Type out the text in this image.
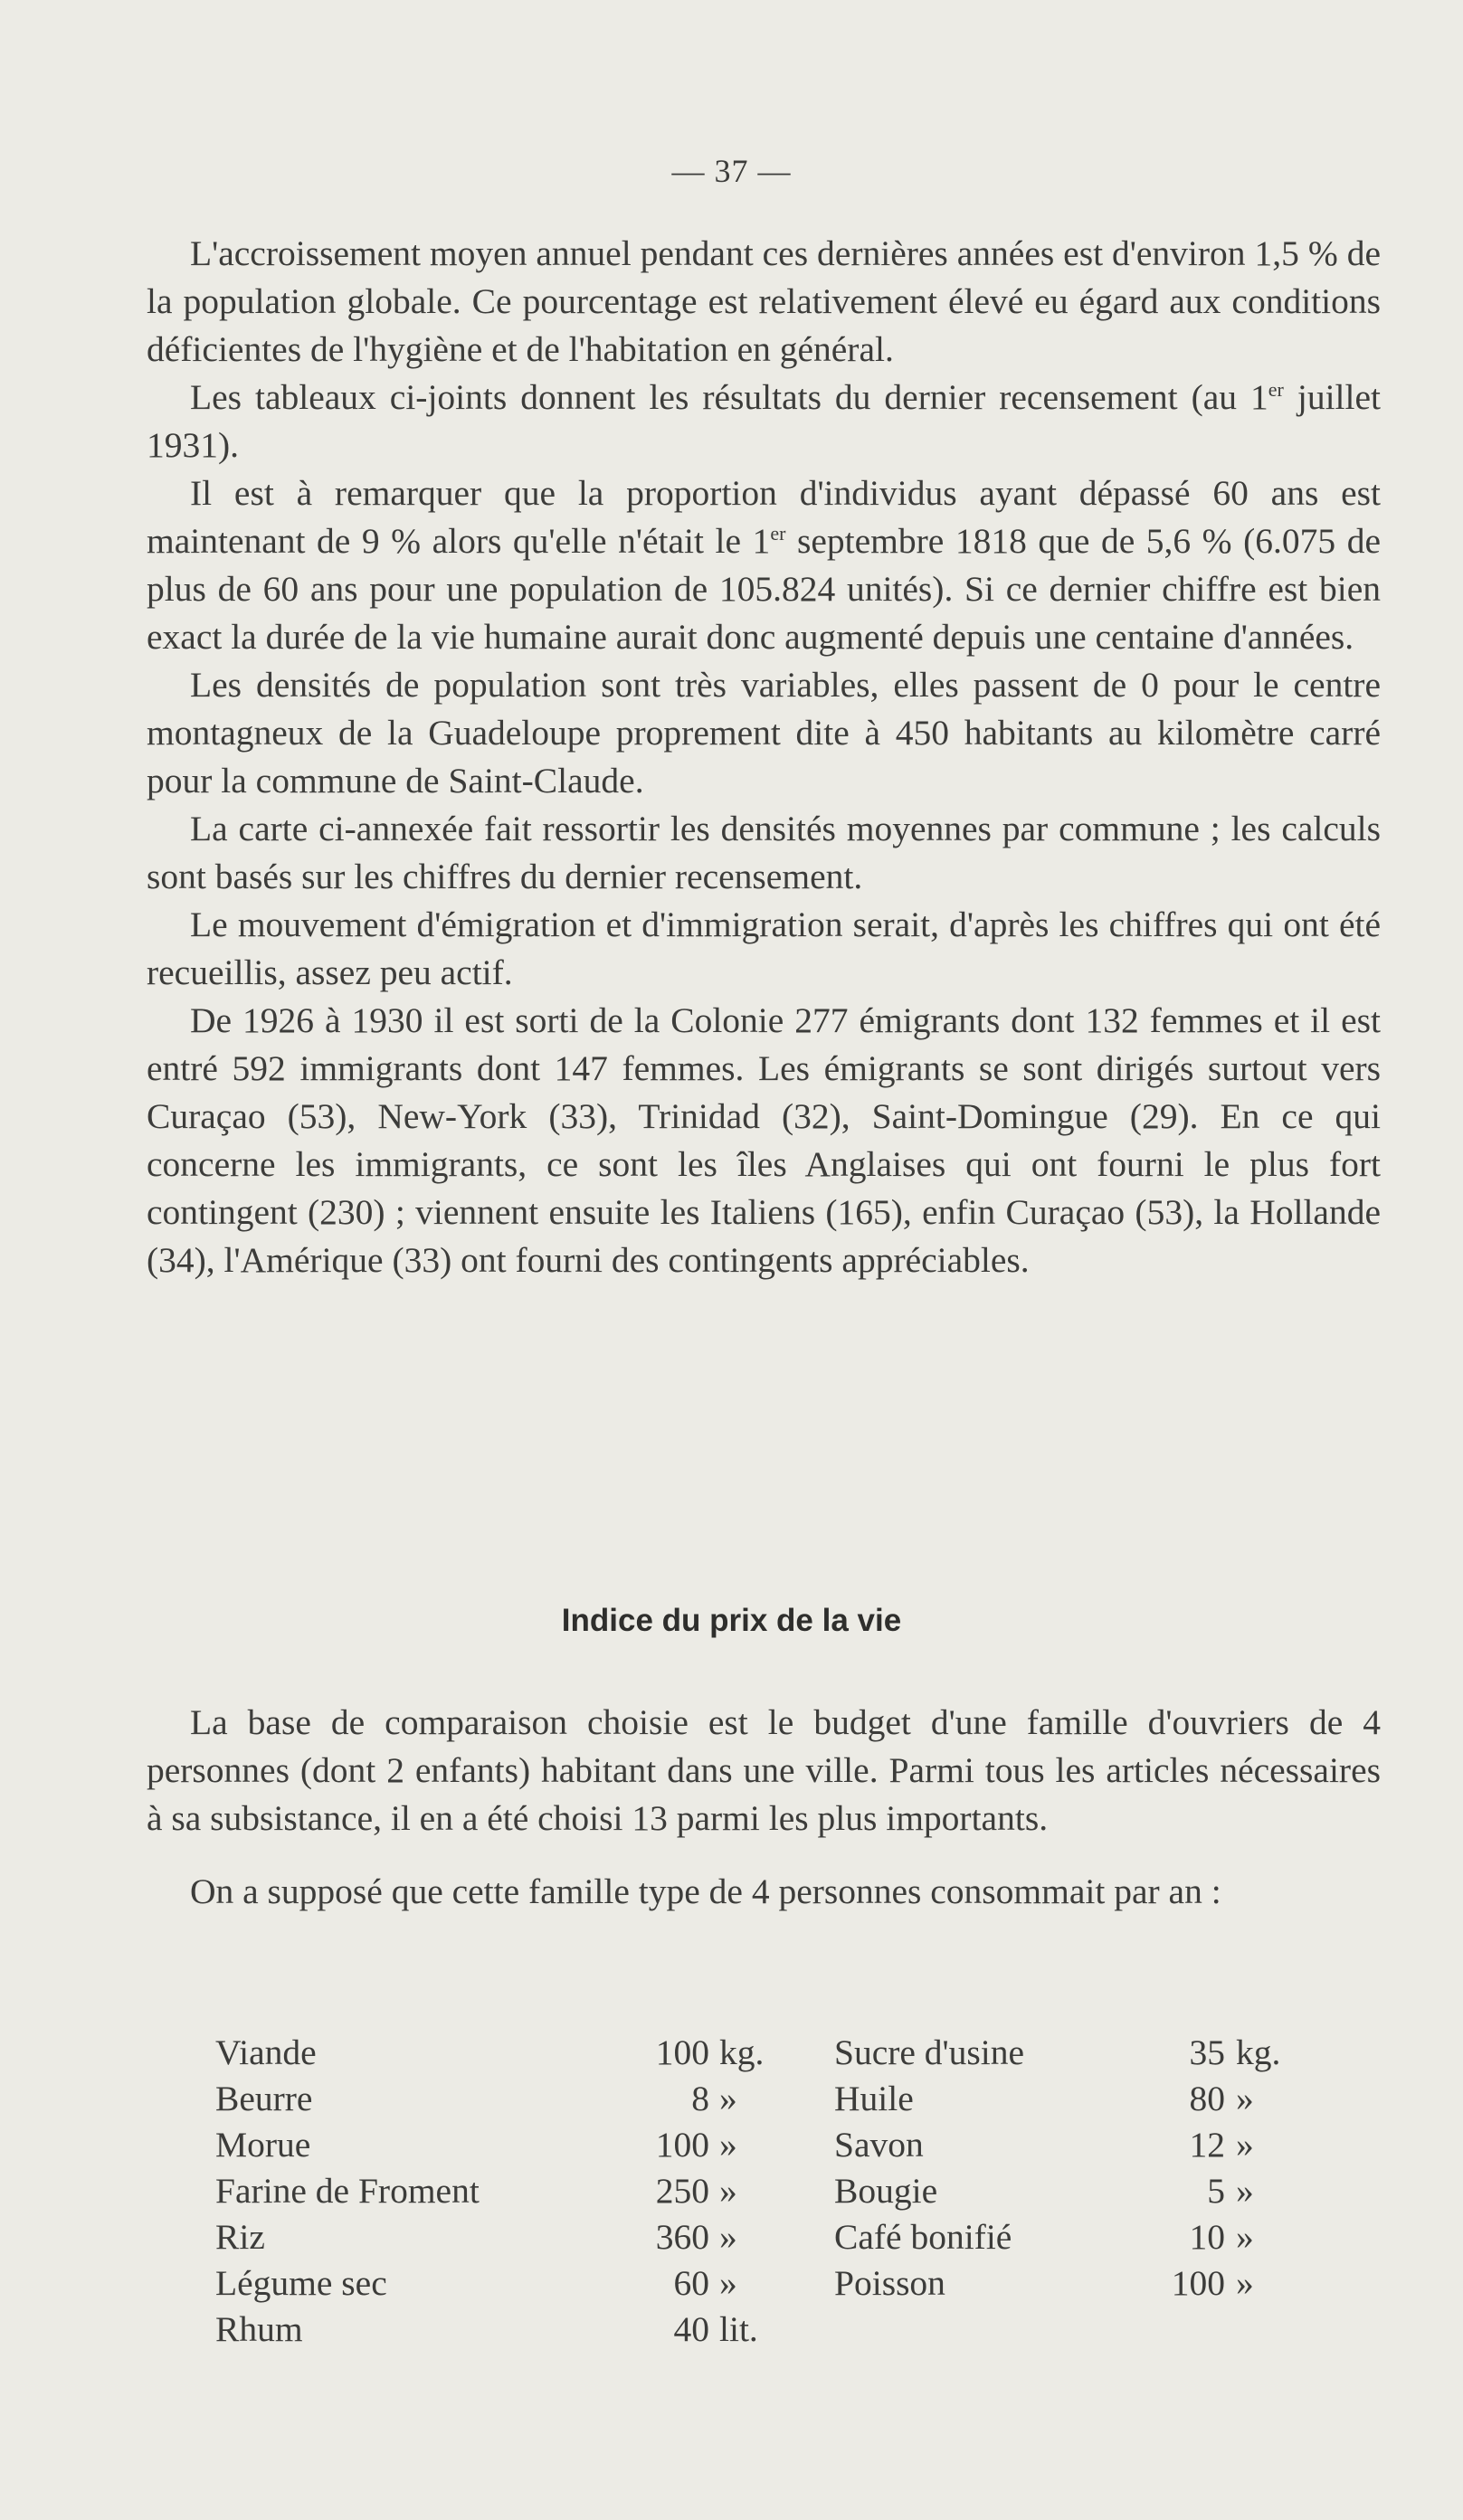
— 37 —

L'accroissement moyen annuel pendant ces dernières années est d'environ 1,5 % de la population globale. Ce pourcentage est relativement élevé eu égard aux conditions déficientes de l'hygiène et de l'habitation en général.

Les tableaux ci-joints donnent les résultats du dernier recensement (au 1er juillet 1931).

Il est à remarquer que la proportion d'individus ayant dépassé 60 ans est maintenant de 9 % alors qu'elle n'était le 1er septembre 1818 que de 5,6 % (6.075 de plus de 60 ans pour une population de 105.824 unités). Si ce dernier chiffre est bien exact la durée de la vie humaine aurait donc augmenté depuis une centaine d'années.

Les densités de population sont très variables, elles passent de 0 pour le centre montagneux de la Guadeloupe proprement dite à 450 habitants au kilomètre carré pour la commune de Saint-Claude.

La carte ci-annexée fait ressortir les densités moyennes par commune ; les calculs sont basés sur les chiffres du dernier recensement.

Le mouvement d'émigration et d'immigration serait, d'après les chiffres qui ont été recueillis, assez peu actif.

De 1926 à 1930 il est sorti de la Colonie 277 émigrants dont 132 femmes et il est entré 592 immigrants dont 147 femmes. Les émigrants se sont dirigés surtout vers Curaçao (53), New-York (33), Trinidad (32), Saint-Domingue (29). En ce qui concerne les immigrants, ce sont les îles Anglaises qui ont fourni le plus fort contingent (230) ; viennent ensuite les Italiens (165), enfin Curaçao (53), la Hollande (34), l'Amérique (33) ont fourni des contingents appréciables.

Indice du prix de la vie

La base de comparaison choisie est le budget d'une famille d'ouvriers de 4 personnes (dont 2 enfants) habitant dans une ville. Parmi tous les articles nécessaires à sa subsistance, il en a été choisi 13 parmi les plus importants.

On a supposé que cette famille type de 4 personnes consommait par an :

Viande	100 kg. Sucre d'usine	35 kg.
Beurre	8 »	Huile	80 »
Morue	100 »	Savon	12 »
Farine de Froment	250 »	Bougie	5 »
Riz	360 »	Café bonifié	10 »
Légume sec	60 »	Poisson	100 »
Rhum	40 lit.
